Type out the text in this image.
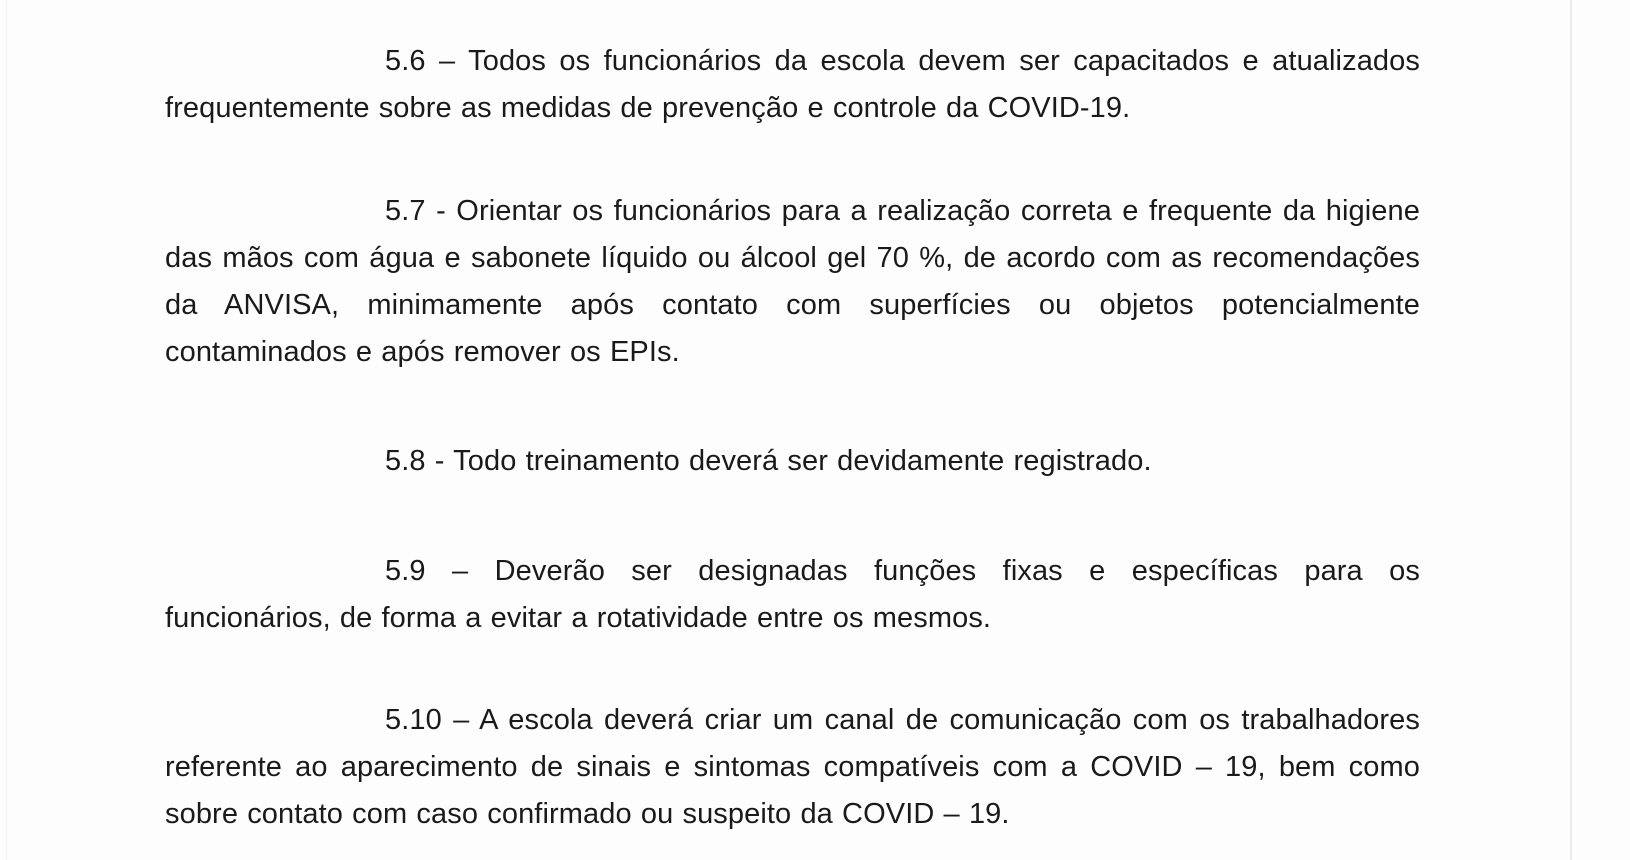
5.6 – Todos os funcionários da escola devem ser capacitados e atualizados frequentemente sobre as medidas de prevenção e controle da COVID-19.

5.7 - Orientar os funcionários para a realização correta e frequente da higiene das mãos com água e sabonete líquido ou álcool gel 70 %, de acordo com as recomendações da ANVISA, minimamente após contato com superfícies ou objetos potencialmente contaminados e após remover os EPIs.

5.8 - Todo treinamento deverá ser devidamente registrado.

5.9 – Deverão ser designadas funções fixas e específicas para os funcionários, de forma a evitar a rotatividade entre os mesmos.

5.10 – A escola deverá criar um canal de comunicação com os trabalhadores referente ao aparecimento de sinais e sintomas compatíveis com a COVID – 19, bem como sobre contato com caso confirmado ou suspeito da COVID – 19.
